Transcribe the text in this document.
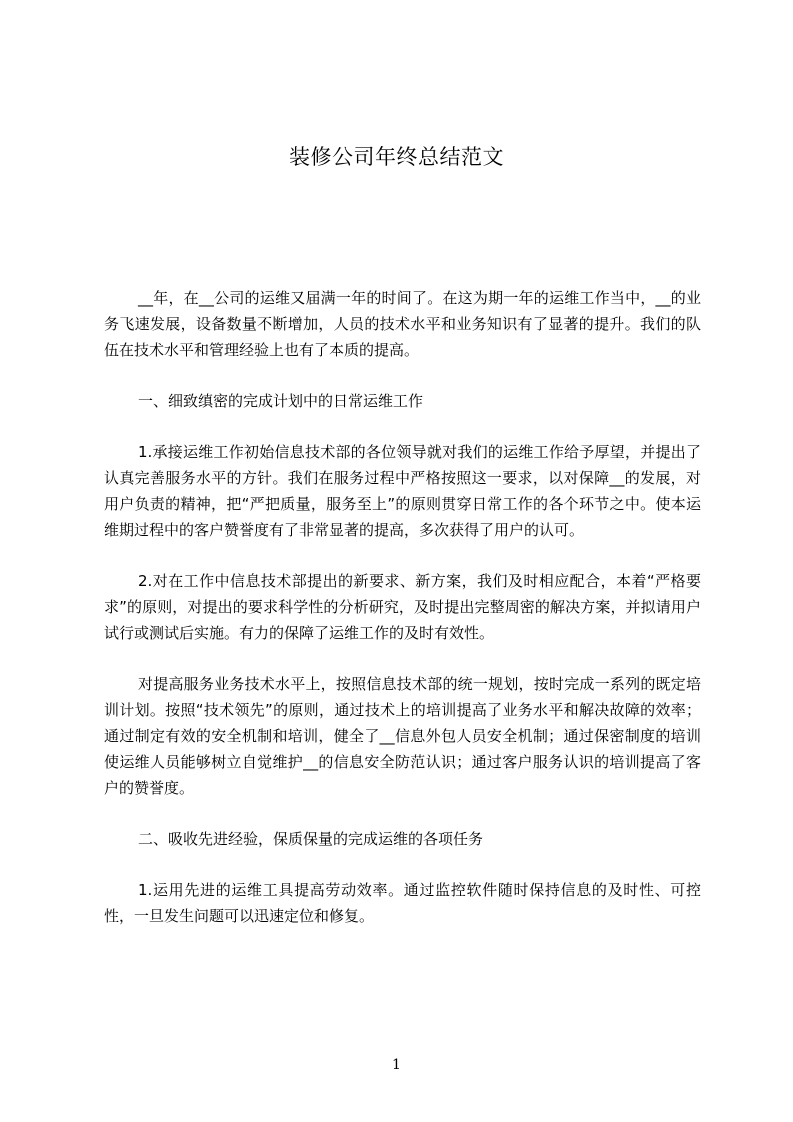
装修公司年终总结范文

__年，在__公司的运维又届满一年的时间了。在这为期一年的运维工作当中，__的业务飞速发展，设备数量不断增加，人员的技术水平和业务知识有了显著的提升。我们的队伍在技术水平和管理经验上也有了本质的提高。

一、细致缜密的完成计划中的日常运维工作

1.承接运维工作初始信息技术部的各位领导就对我们的运维工作给予厚望，并提出了认真完善服务水平的方针。我们在服务过程中严格按照这一要求，以对保障__的发展，对用户负责的精神，把“严把质量，服务至上”的原则贯穿日常工作的各个环节之中。使本运维期过程中的客户赞誉度有了非常显著的提高，多次获得了用户的认可。

2.对在工作中信息技术部提出的新要求、新方案，我们及时相应配合，本着“严格要求”的原则，对提出的要求科学性的分析研究，及时提出完整周密的解决方案，并拟请用户试行或测试后实施。有力的保障了运维工作的及时有效性。

对提高服务业务技术水平上，按照信息技术部的统一规划，按时完成一系列的既定培训计划。按照“技术领先”的原则，通过技术上的培训提高了业务水平和解决故障的效率；通过制定有效的安全机制和培训，健全了__信息外包人员安全机制；通过保密制度的培训使运维人员能够树立自觉维护__的信息安全防范认识；通过客户服务认识的培训提高了客户的赞誉度。

二、吸收先进经验，保质保量的完成运维的各项任务

1.运用先进的运维工具提高劳动效率。通过监控软件随时保持信息的及时性、可控性，一旦发生问题可以迅速定位和修复。

1
